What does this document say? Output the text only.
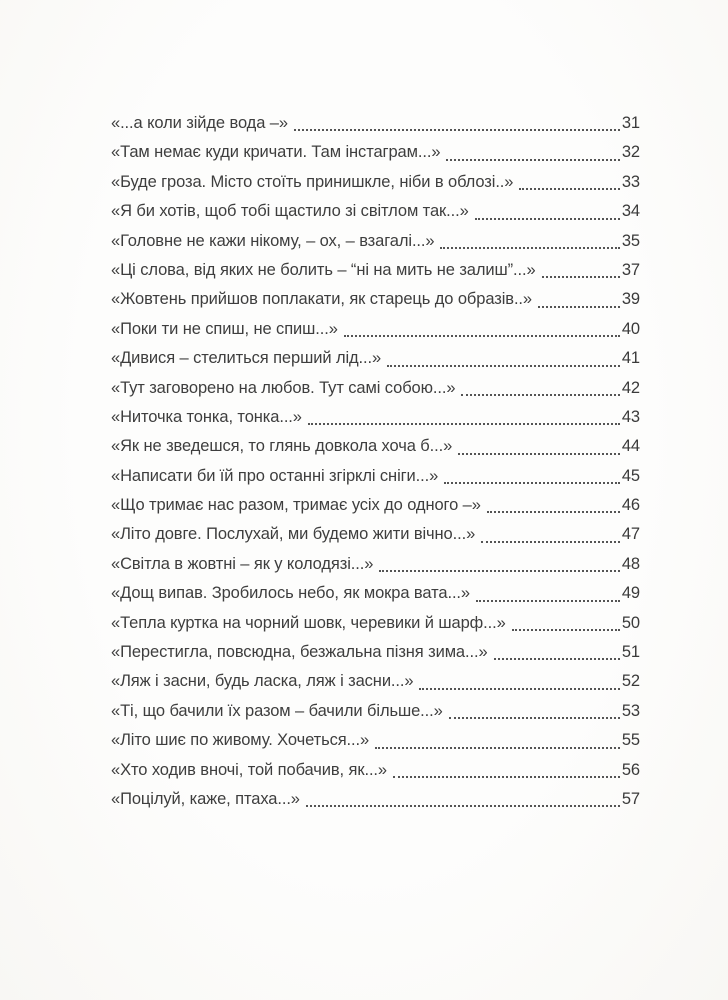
«...а коли зійде вода –»	31
«Там немає куди кричати. Там інстаграм...»	32
«Буде гроза. Місто стоїть принишкле, ніби в облозі..»	33
«Я би хотів, щоб тобі щастило зі світлом так...»	34
«Головне не кажи нікому, – ох, – взагалі...»	35
«Ці слова, від яких не болить – “ні на мить не залиш”...»	37
«Жовтень прийшов поплакати, як старець до образів..»	39
«Поки ти не спиш, не спиш...»	40
«Дивися – стелиться перший лід...»	41
«Тут заговорено на любов. Тут самі собою...»	42
«Ниточка тонка, тонка...»	43
«Як не зведешся, то глянь довкола хоча б...»	44
«Написати би їй про останні згірклі сніги...»	45
«Що тримає нас разом, тримає усіх до одного –»	46
«Літо довге. Послухай, ми будемо жити вічно...»	47
«Світла в жовтні – як у колодязі...»	48
«Дощ випав. Зробилось небо, як мокра вата...»	49
«Тепла куртка на чорний шовк, черевики й шарф...»	50
«Перестигла, повсюдна, безжальна пізня зима...»	51
«Ляж і засни, будь ласка, ляж і засни...»	52
«Ті, що бачили їх разом – бачили більше...»	53
«Літо шиє по живому. Хочеться...»	55
«Хто ходив вночі, той побачив, як...»	56
«Поцілуй, каже, птаха...»	57
